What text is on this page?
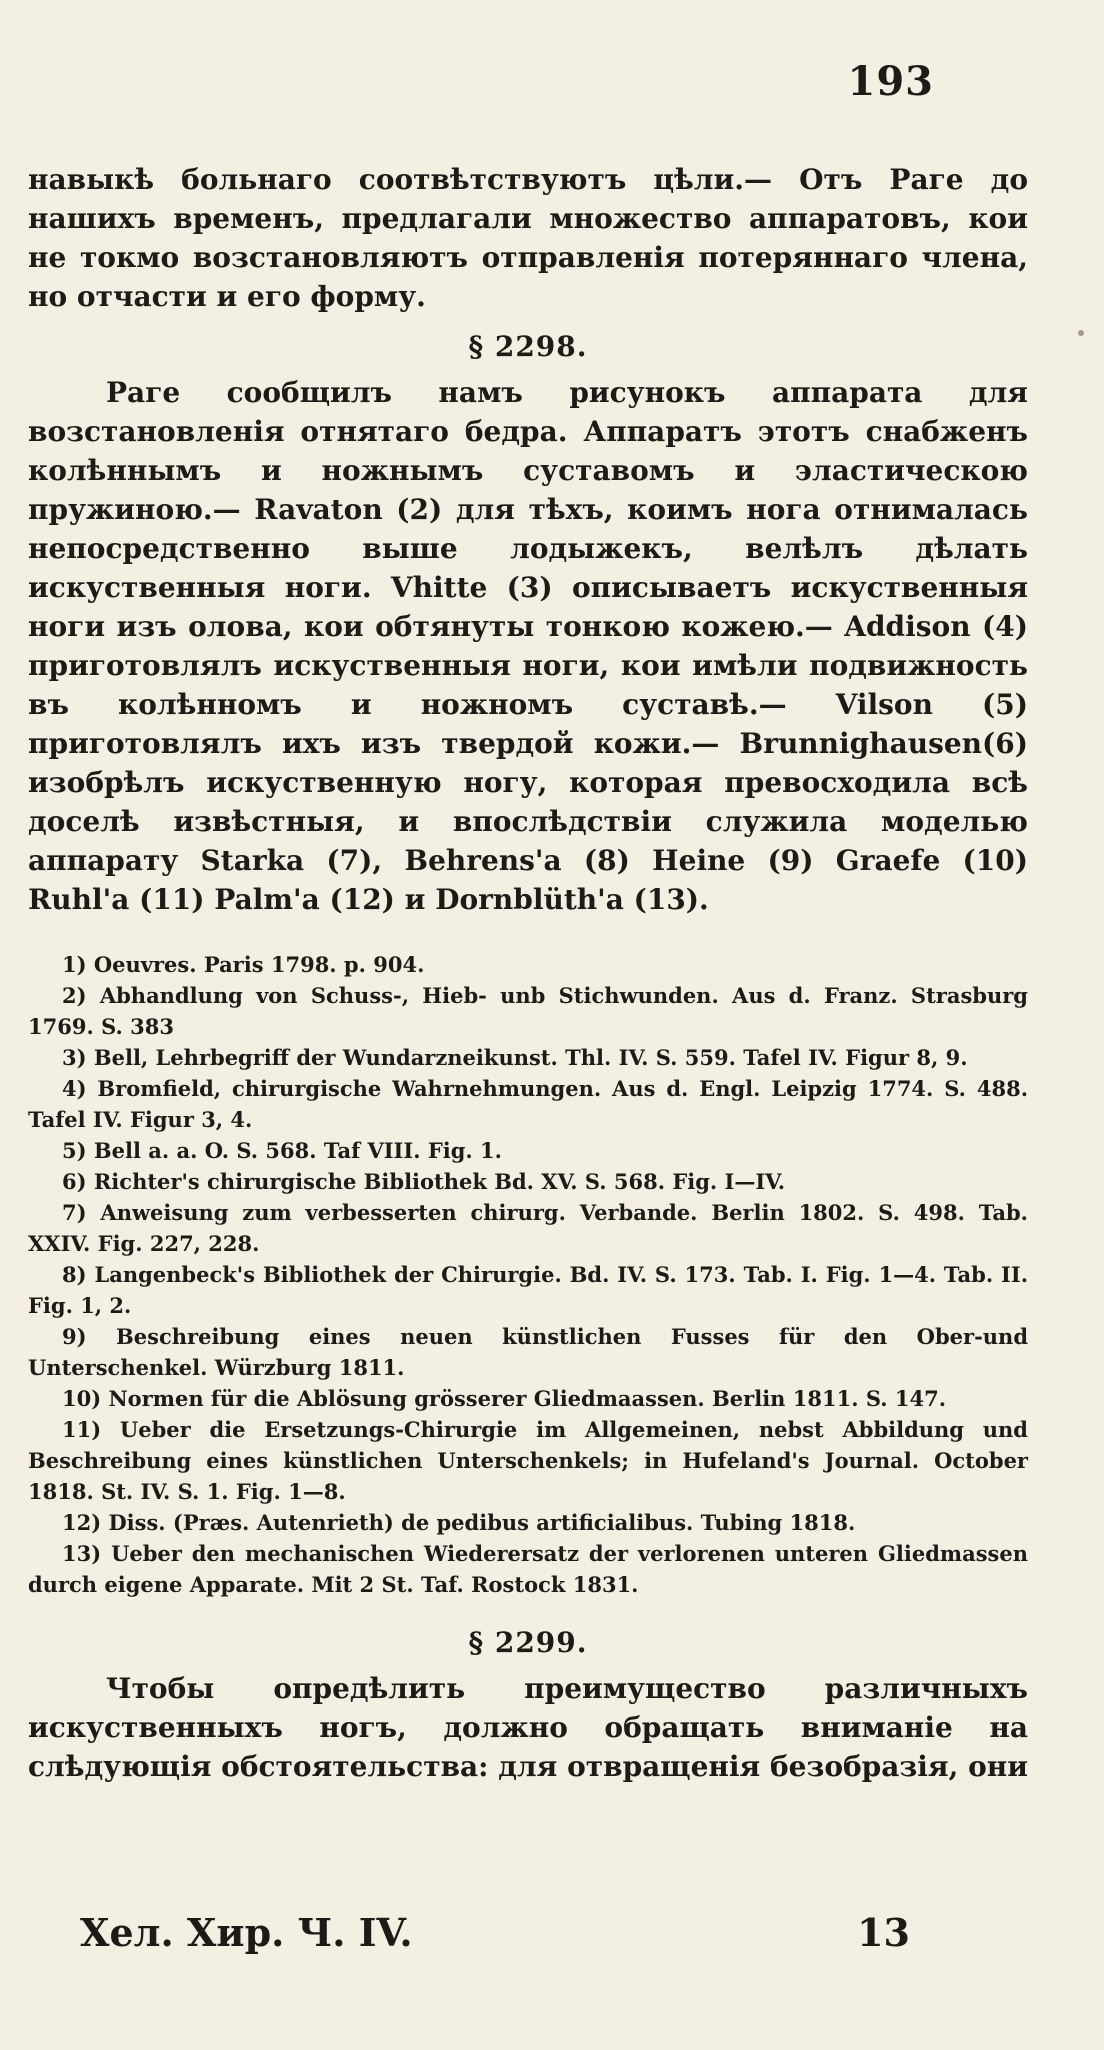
193

навыкѣ больнаго соотвѣтствуютъ цѣли.— Отъ Раге до нашихъ временъ, предлагали множество аппаратовъ, кои не токмо возстановляютъ отправленія потеряннаго члена, но отчасти и его форму.

§ 2298.

Раге сообщилъ намъ рисунокъ аппарата для возстановленія отнятаго бедра. Аппаратъ этотъ снабженъ колѣннымъ и ножнымъ суставомъ и эластическою пружиною.— Ravaton (2) для тѣхъ, коимъ нога отнималась непосредственно выше лодыжекъ, велѣлъ дѣлать искуственныя ноги. Vhitte (3) описываетъ искуственныя ноги изъ олова, кои обтянуты тонкою кожею.— Addison (4) приготовлялъ искуственныя ноги, кои имѣли подвижность въ колѣнномъ и ножномъ суставѣ.— Vilson (5) приготовлялъ ихъ изъ твердой кожи.— Brunnighausen(6) изобрѣлъ искуственную ногу, которая превосходила всѣ доселѣ извѣстныя, и впослѣдствіи служила моделью аппарату Starka (7), Behrens'a (8) Heine (9) Graefe (10) Ruhl'a (11) Palm'a (12) и Dornblüth'a (13).

1) Oeuvres. Paris 1798. p. 904.

2) Abhandlung von Schuss-, Hieb- unb Stichwunden. Aus d. Franz. Strasburg 1769. S. 383

3) Bell, Lehrbegriff der Wundarzneikunst. Thl. IV. S. 559. Tafel IV. Figur 8, 9.

4) Bromfield, chirurgische Wahrnehmungen. Aus d. Engl. Leipzig 1774. S. 488. Tafel IV. Figur 3, 4.

5) Bell a. a. O. S. 568. Taf VIII. Fig. 1.

6) Richter's chirurgische Bibliothek Bd. XV. S. 568. Fig. I—IV.

7) Anweisung zum verbesserten chirurg. Verbande. Berlin 1802. S. 498. Tab. XXIV. Fig. 227, 228.

8) Langenbeck's Bibliothek der Chirurgie. Bd. IV. S. 173. Tab. I. Fig. 1—4. Tab. II. Fig. 1, 2.

9) Beschreibung eines neuen künstlichen Fusses für den Ober-und Unterschenkel. Würzburg 1811.

10) Normen für die Ablösung grösserer Gliedmaassen. Berlin 1811. S. 147.

11) Ueber die Ersetzungs-Chirurgie im Allgemeinen, nebst Abbildung und Beschreibung eines künstlichen Unterschenkels; in Hufeland's Journal. October 1818. St. IV. S. 1. Fig. 1—8.

12) Diss. (Præs. Autenrieth) de pedibus artificialibus. Tubing 1818.

13) Ueber den mechanischen Wiederersatz der verlorenen unteren Gliedmassen durch eigene Apparate. Mit 2 St. Taf. Rostock 1831.

§ 2299.

Чтобы опредѣлить преимущество различныхъ искуственныхъ ногъ, должно обращать вниманіе на слѣдующія обстоятельства: для отвращенія безобразія, они

Хел. Хир. Ч. IV.	13
